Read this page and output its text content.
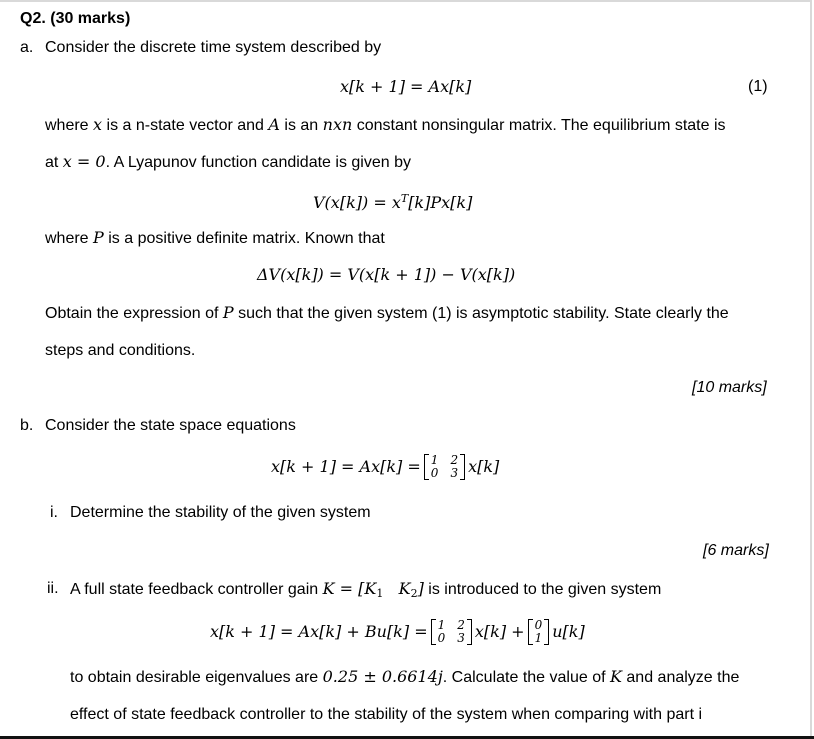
Q2. (30 marks)
a. Consider the discrete time system described by
x[k + 1] = Ax[k]	(1)
where x is a n-state vector and A is an nxn constant nonsingular matrix. The equilibrium state is
at x = 0. A Lyapunov function candidate is given by
$V(x[k]) = x^T[k]Px[k]$
where P is a positive definite matrix. Known that
ΔV(x[k]) = V(x[k + 1]) − V(x[k])
Obtain the expression of P such that the given system (1) is asymptotic stability. State clearly the
steps and conditions.
[10 marks]
b. Consider the state space equations
x[k + 1] = Ax[k] = 1 2
0 3 x[k]
i. Determine the stability of the given system
[6 marks]
ii. A full state feedback controller gain $K = [K_1$ $K_2$] is introduced to the given system
x[k + 1] = Ax[k] + Bu[k] = 1 2
0 3 x[k] + 0
1 u[k]
to obtain desirable eigenvalues are 0.25 ± 0.6614j. Calculate the value of K and analyze the
effect of state feedback controller to the stability of the system when comparing with part i
